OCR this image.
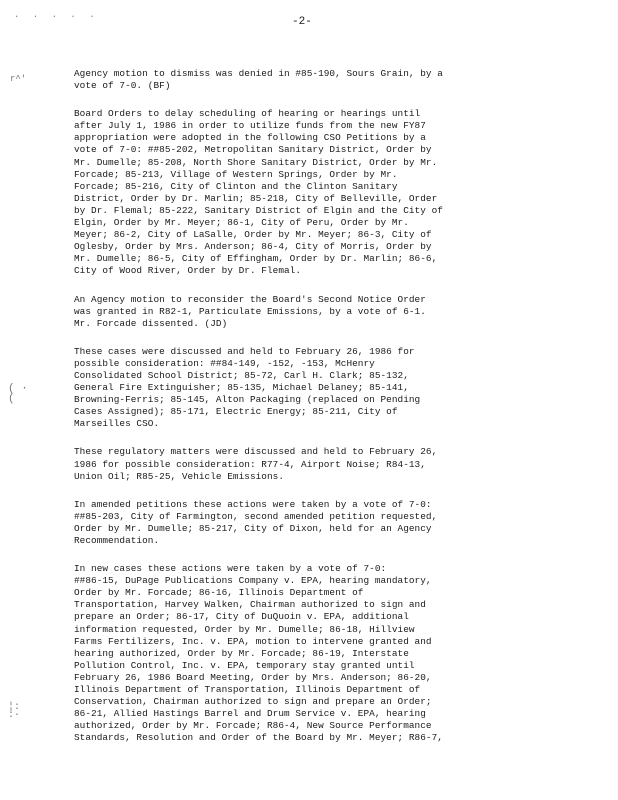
. . . . .
r^'
( ·
(
¦:
:·
-2-

Agency motion to dismiss was denied in #85-190, Sours Grain, by a
vote of 7-0. (BF)

Board Orders to delay scheduling of hearing or hearings until
after July 1, 1986 in order to utilize funds from the new FY87
appropriation were adopted in the following CSO Petitions by a
vote of 7-0: ##85-202, Metropolitan Sanitary District, Order by
Mr. Dumelle; 85-208, North Shore Sanitary District, Order by Mr.
Forcade; 85-213, Village of Western Springs, Order by Mr.
Forcade; 85-216, City of Clinton and the Clinton Sanitary
District, Order by Dr. Marlin; 85-218, City of Belleville, Order
by Dr. Flemal; 85-222, Sanitary District of Elgin and the City of
Elgin, Order by Mr. Meyer; 86-1, City of Peru, Order by Mr.
Meyer; 86-2, City of LaSalle, Order by Mr. Meyer; 86-3, City of
Oglesby, Order by Mrs. Anderson; 86-4, City of Morris, Order by
Mr. Dumelle; 86-5, City of Effingham, Order by Dr. Marlin; 86-6,
City of Wood River, Order by Dr. Flemal.

An Agency motion to reconsider the Board's Second Notice Order
was granted in R82-1, Particulate Emissions, by a vote of 6-1.
Mr. Forcade dissented. (JD)

These cases were discussed and held to February 26, 1986 for
possible consideration: ##84-149, -152, -153, McHenry
Consolidated School District; 85-72, Carl H. Clark; 85-132,
General Fire Extinguisher; 85-135, Michael Delaney; 85-141,
Browning-Ferris; 85-145, Alton Packaging (replaced on Pending
Cases Assigned); 85-171, Electric Energy; 85-211, City of
Marseilles CSO.

These regulatory matters were discussed and held to February 26,
1986 for possible consideration: R77-4, Airport Noise; R84-13,
Union Oil; R85-25, Vehicle Emissions.

In amended petitions these actions were taken by a vote of 7-0:
##85-203, City of Farmington, second amended petition requested,
Order by Mr. Dumelle; 85-217, City of Dixon, held for an Agency
Recommendation.

In new cases these actions were taken by a vote of 7-0:
##86-15, DuPage Publications Company v. EPA, hearing mandatory,
Order by Mr. Forcade; 86-16, Illinois Department of
Transportation, Harvey Walken, Chairman authorized to sign and
prepare an Order; 86-17, City of DuQuoin v. EPA, additional
information requested, Order by Mr. Dumelle; 86-18, Hillview
Farms Fertilizers, Inc. v. EPA, motion to intervene granted and
hearing authorized, Order by Mr. Forcade; 86-19, Interstate
Pollution Control, Inc. v. EPA, temporary stay granted until
February 26, 1986 Board Meeting, Order by Mrs. Anderson; 86-20,
Illinois Department of Transportation, Illinois Department of
Conservation, Chairman authorized to sign and prepare an Order;
86-21, Allied Hastings Barrel and Drum Service v. EPA, hearing
authorized, Order by Mr. Forcade; R86-4, New Source Performance
Standards, Resolution and Order of the Board by Mr. Meyer; R86-7,
